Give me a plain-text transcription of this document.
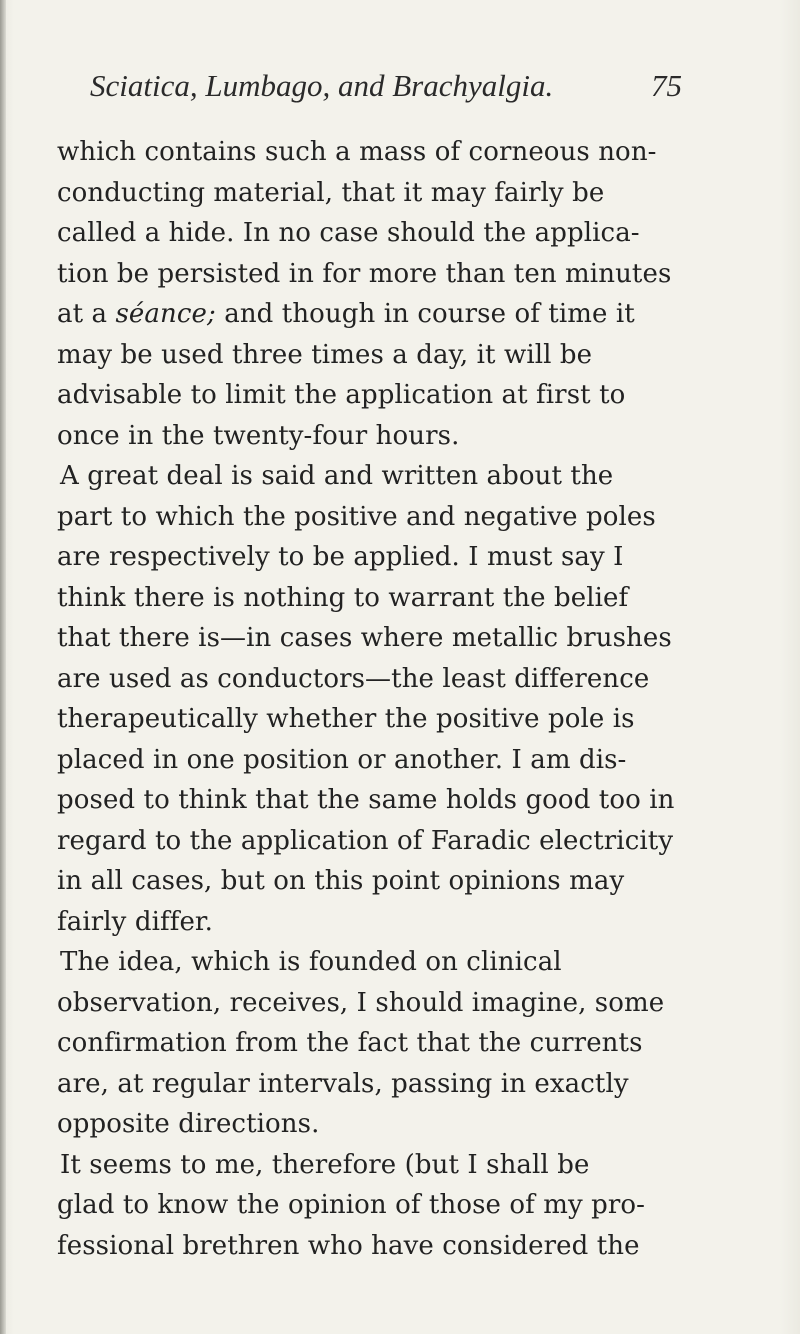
Sciatica, Lumbago, and Brachyalgia.	75
which contains such a mass of corneous non-
conducting material, that it may fairly be
called a hide. In no case should the applica-
tion be persisted in for more than ten minutes
at a séance; and though in course of time it
may be used three times a day, it will be
advisable to limit the application at first to
once in the twenty-four hours.
A great deal is said and written about the
part to which the positive and negative poles
are respectively to be applied. I must say I
think there is nothing to warrant the belief
that there is—in cases where metallic brushes
are used as conductors—the least difference
therapeutically whether the positive pole is
placed in one position or another. I am dis-
posed to think that the same holds good too in
regard to the application of Faradic electricity
in all cases, but on this point opinions may
fairly differ.
The idea, which is founded on clinical
observation, receives, I should imagine, some
confirmation from the fact that the currents
are, at regular intervals, passing in exactly
opposite directions.
It seems to me, therefore (but I shall be
glad to know the opinion of those of my pro-
fessional brethren who have considered the
